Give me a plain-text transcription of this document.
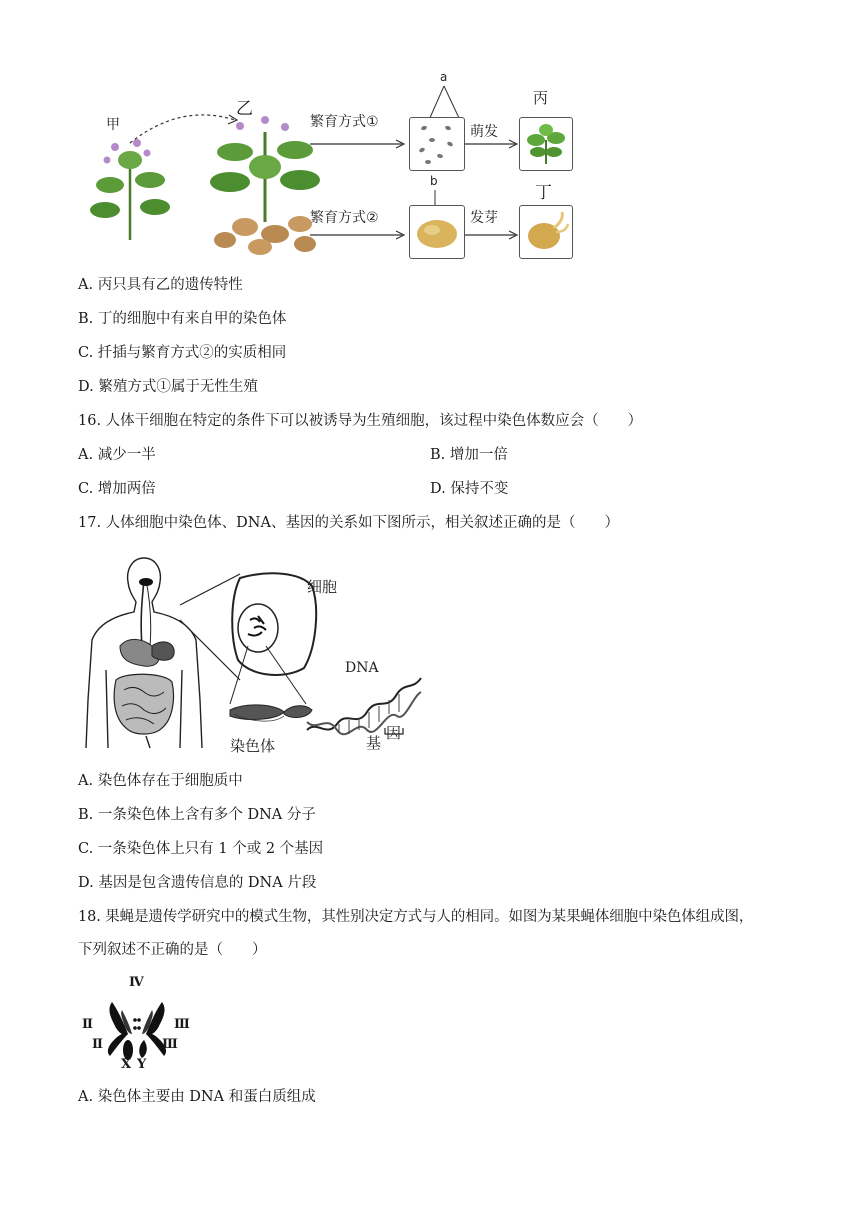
甲
乙
繁育方式①
繁育方式②
a
萌发
丙
b
发芽
丁
A. 丙只具有乙的遗传特性
B. 丁的细胞中有来自甲的染色体
C. 扦插与繁育方式②的实质相同
D. 繁殖方式①属于无性生殖
16. 人体干细胞在特定的条件下可以被诱导为生殖细胞，该过程中染色体数应会（　　）
A. 减少一半	B. 增加一倍
C. 增加两倍	D. 保持不变
17. 人体细胞中染色体、DNA、基因的关系如下图所示，相关叙述正确的是（　　）
细胞
DNA
染色体	基
因
A. 染色体存在于细胞质中
B. 一条染色体上含有多个 DNA 分子
C. 一条染色体上只有 1 个或 2 个基因
D. 基因是包含遗传信息的 DNA 片段
18. 果蝇是遗传学研究中的模式生物，其性别决定方式与人的相同。如图为某果蝇体细胞中染色体组成图，
下列叙述不正确的是（　　）
Ⅳ
Ⅱ
Ⅱ
Ⅲ
Ⅲ
X Y
A. 染色体主要由 DNA 和蛋白质组成
